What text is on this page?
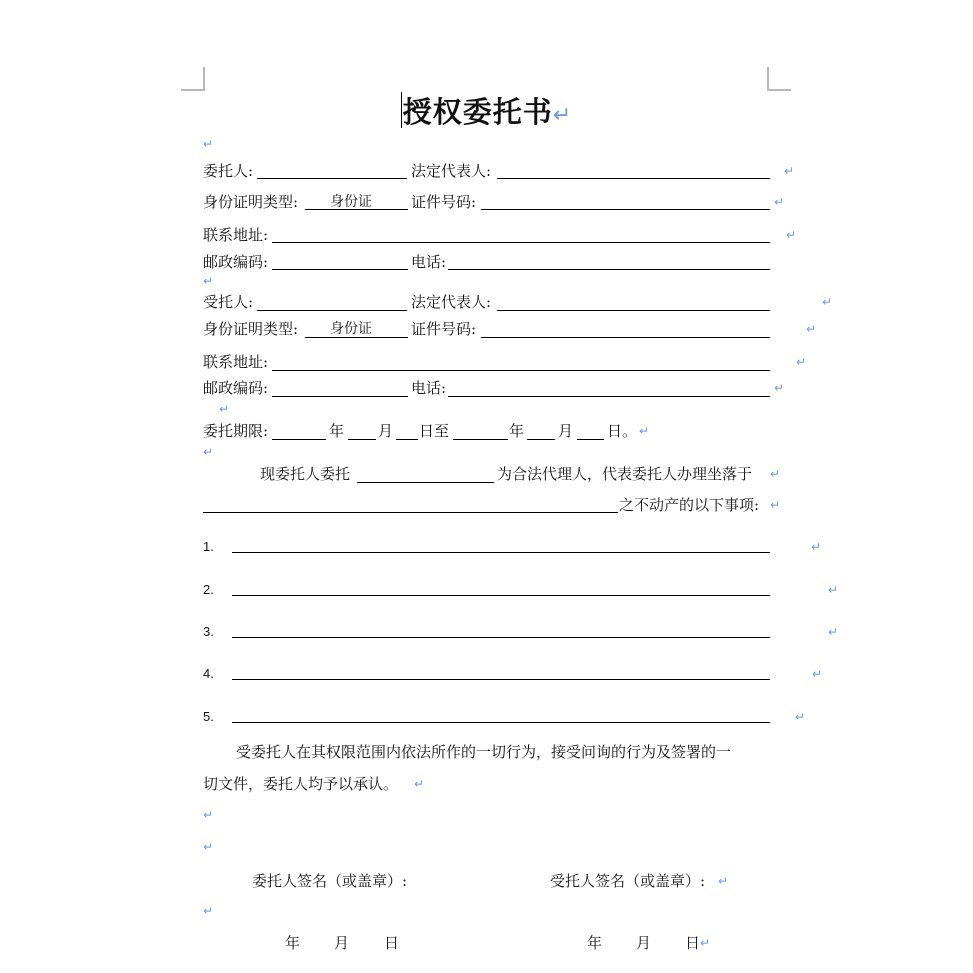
授权委托书↵
↵
委托人:	法定代表人:	↵
身份证明类型: 身份证	证件号码:	↵
联系地址:	↵
邮政编码:	电话:
↵
受托人:	法定代表人:	↵
身份证明类型: 身份证	证件号码:	↵
联系地址:	↵
邮政编码:	电话:	↵
↵
委托期限:	年 月 日至	年 月 日。 ↵
↵
现委托人委托	为合法代理人，代表委托人办理坐落于 ↵
之不动产的以下事项: ↵
1.	↵
2.	↵
3.	↵
4.	↵
5.	↵
受委托人在其权限范围内依法所作的一切行为，接受问询的行为及签署的一
切文件，委托人均予以承认。 ↵
↵
↵
委托人签名（或盖章）:	受托人签名（或盖章）: ↵
↵
年 月 日	年 月 日 ↵
